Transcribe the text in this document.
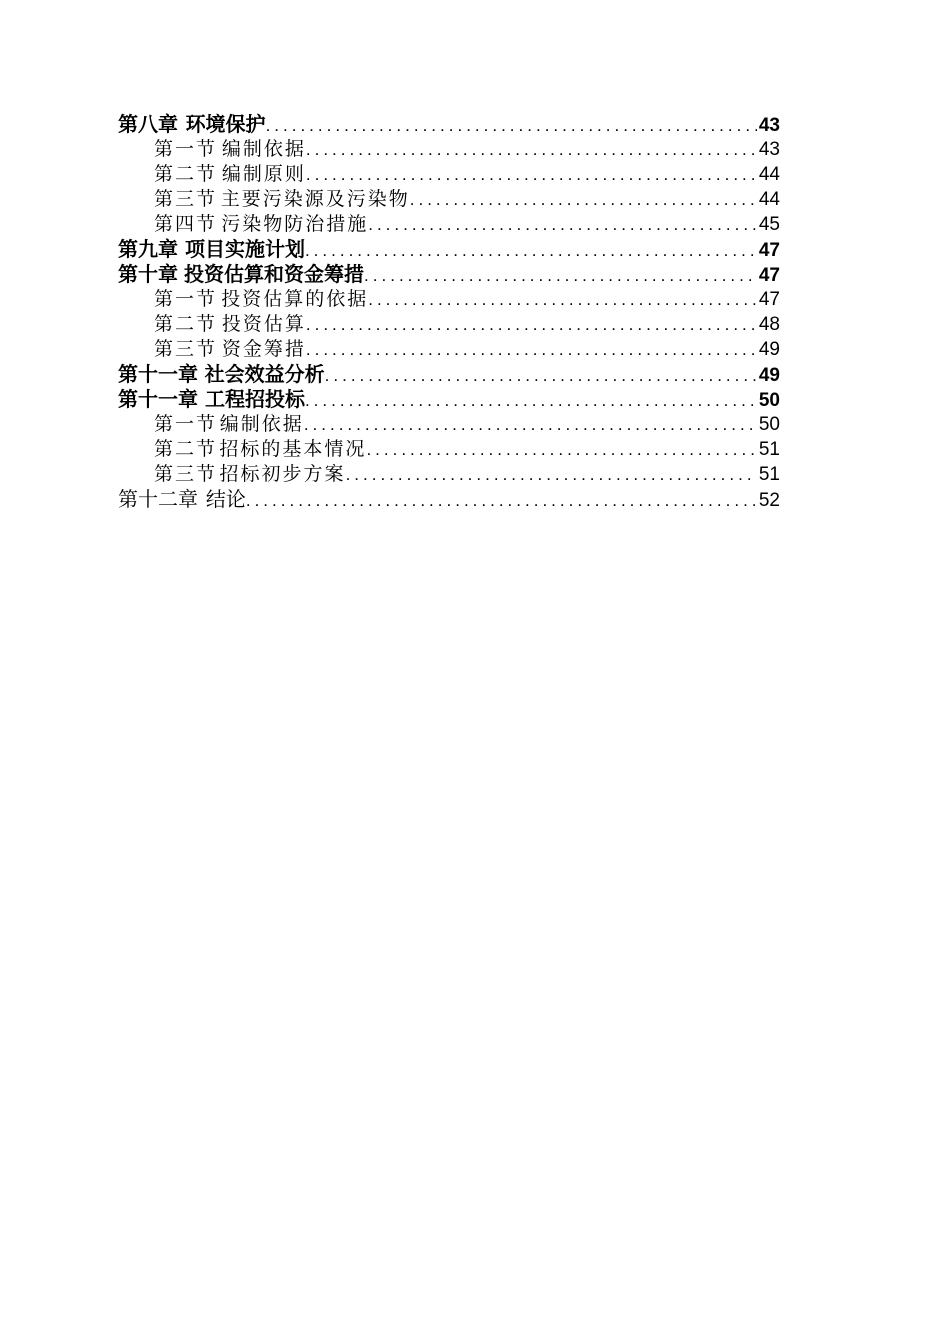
第八章 环境保护 .....	43
第一节 编制依据 .....	43
第二节 编制原则 .....	44
第三节 主要污染源及污染物 .....	44
第四节 污染物防治措施 .....	45
第九章 项目实施计划 .....	47
第十章 投资估算和资金筹措 .....	47
第一节 投资估算的依据 .....	47
第二节 投资估算 .....	48
第三节 资金筹措 .....	49
第十一章 社会效益分析 .....	49
第十一章 工程招投标 .....	50
第一节 编制依据 .....	50
第二节 招标的基本情况 .....	51
第三节 招标初步方案 .....	51
第十二章 结论 .....	52
